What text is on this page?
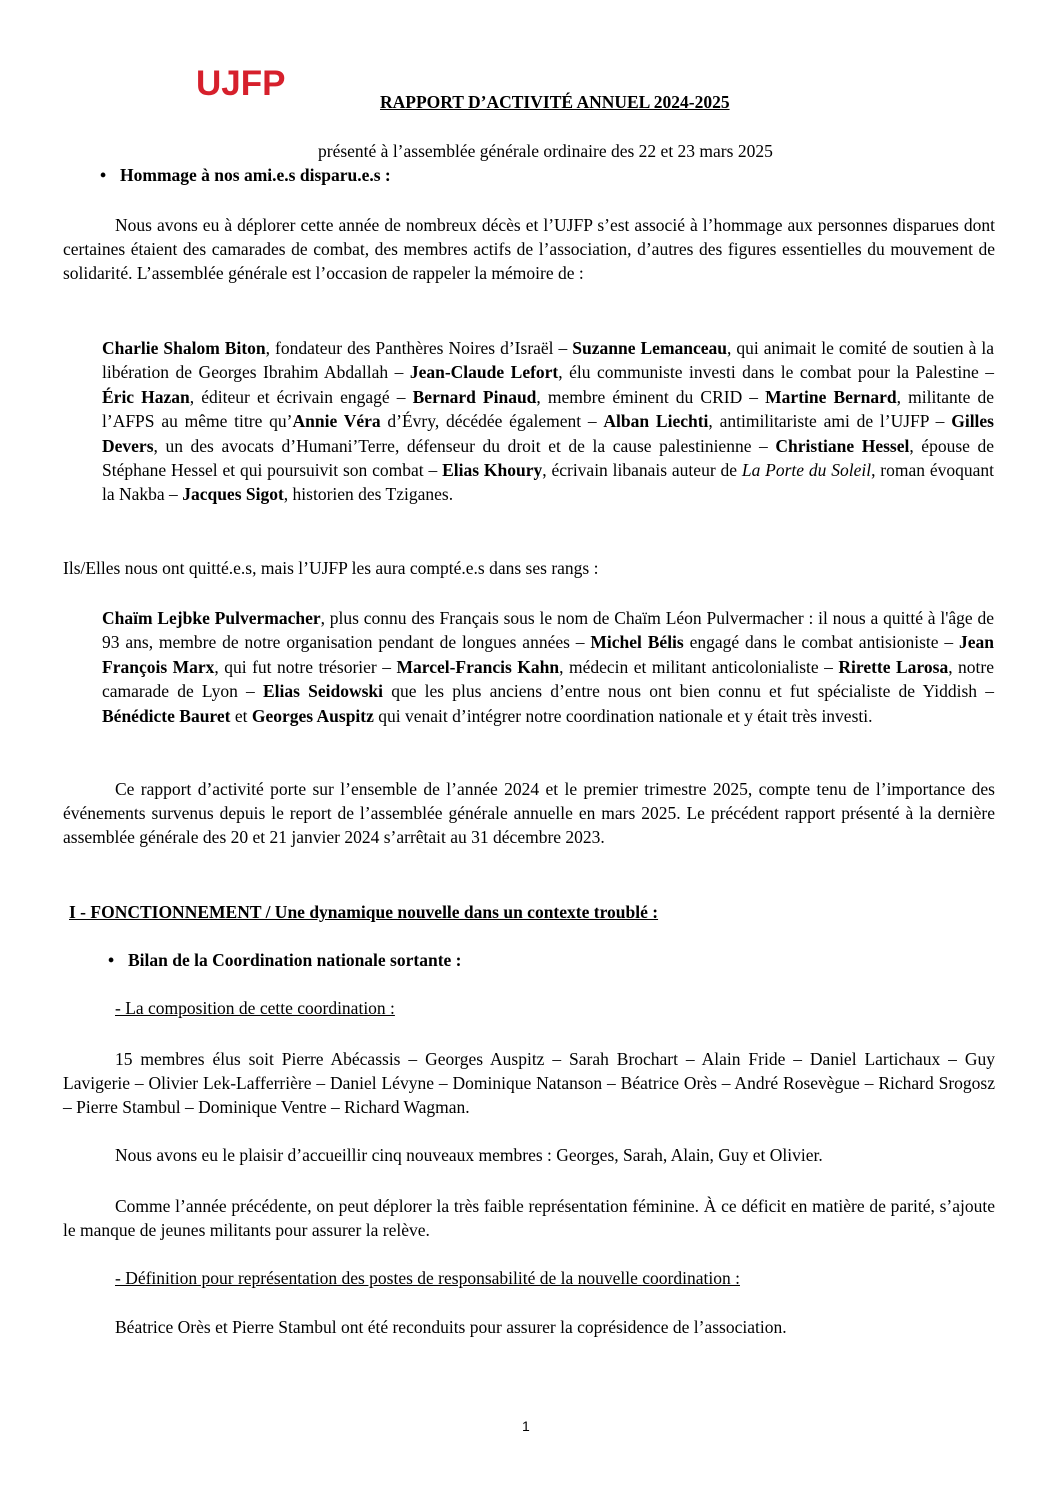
UJFP	RAPPORT D’ACTIVITÉ ANNUEL 2024-2025
présenté à l’assemblée générale ordinaire des 22 et 23 mars 2025
• Hommage à nos ami.e.s disparu.e.s :

Nous avons eu à déplorer cette année de nombreux décès et l’UJFP s’est associé à l’hommage aux personnes disparues dont certaines étaient des camarades de combat, des membres actifs de l’association, d’autres des figures essentielles du mouvement de solidarité. L’assemblée générale est l’occasion de rappeler la mémoire de :

Charlie Shalom Biton, fondateur des Panthères Noires d’Israël – Suzanne Lemanceau, qui animait le comité de soutien à la libération de Georges Ibrahim Abdallah – Jean-Claude Lefort, élu communiste investi dans le combat pour la Palestine – Éric Hazan, éditeur et écrivain engagé – Bernard Pinaud, membre éminent du CRID – Martine Bernard, militante de l’AFPS au même titre qu’Annie Véra d’Évry, décédée également – Alban Liechti, antimilitariste ami de l’UJFP – Gilles Devers, un des avocats d’Humani’Terre, défenseur du droit et de la cause palestinienne – Christiane Hessel, épouse de Stéphane Hessel et qui poursuivit son combat – Elias Khoury, écrivain libanais auteur de La Porte du Soleil, roman évoquant la Nakba – Jacques Sigot, historien des Tziganes.

Ils/Elles nous ont quitté.e.s, mais l’UJFP les aura compté.e.s dans ses rangs :

Chaïm Lejbke Pulvermacher, plus connu des Français sous le nom de Chaïm Léon Pulvermacher : il nous a quitté à l'âge de 93 ans, membre de notre organisation pendant de longues années – Michel Bélis engagé dans le combat antisioniste – Jean François Marx, qui fut notre trésorier – Marcel-Francis Kahn, médecin et militant anticolonialiste – Rirette Larosa, notre camarade de Lyon – Elias Seidowski que les plus anciens d’entre nous ont bien connu et fut spécialiste de Yiddish – Bénédicte Bauret et Georges Auspitz qui venait d’intégrer notre coordination nationale et y était très investi.

Ce rapport d’activité porte sur l’ensemble de l’année 2024 et le premier trimestre 2025, compte tenu de l’importance des événements survenus depuis le report de l’assemblée générale annuelle en mars 2025. Le précédent rapport présenté à la dernière assemblée générale des 20 et 21 janvier 2024 s’arrêtait au 31 décembre 2023.

I - FONCTIONNEMENT / Une dynamique nouvelle dans un contexte troublé :
• Bilan de la Coordination nationale sortante :
- La composition de cette coordination :

15 membres élus soit Pierre Abécassis – Georges Auspitz – Sarah Brochart – Alain Fride – Daniel Lartichaux – Guy Lavigerie – Olivier Lek-Lafferrière – Daniel Lévyne – Dominique Natanson – Béatrice Orès – André Rosevègue – Richard Srogosz – Pierre Stambul – Dominique Ventre – Richard Wagman.

Nous avons eu le plaisir d’accueillir cinq nouveaux membres : Georges, Sarah, Alain, Guy et Olivier.

Comme l’année précédente, on peut déplorer la très faible représentation féminine. À ce déficit en matière de parité, s’ajoute le manque de jeunes militants pour assurer la relève.

- Définition pour représentation des postes de responsabilité de la nouvelle coordination :
Béatrice Orès et Pierre Stambul ont été reconduits pour assurer la coprésidence de l’association.
1
